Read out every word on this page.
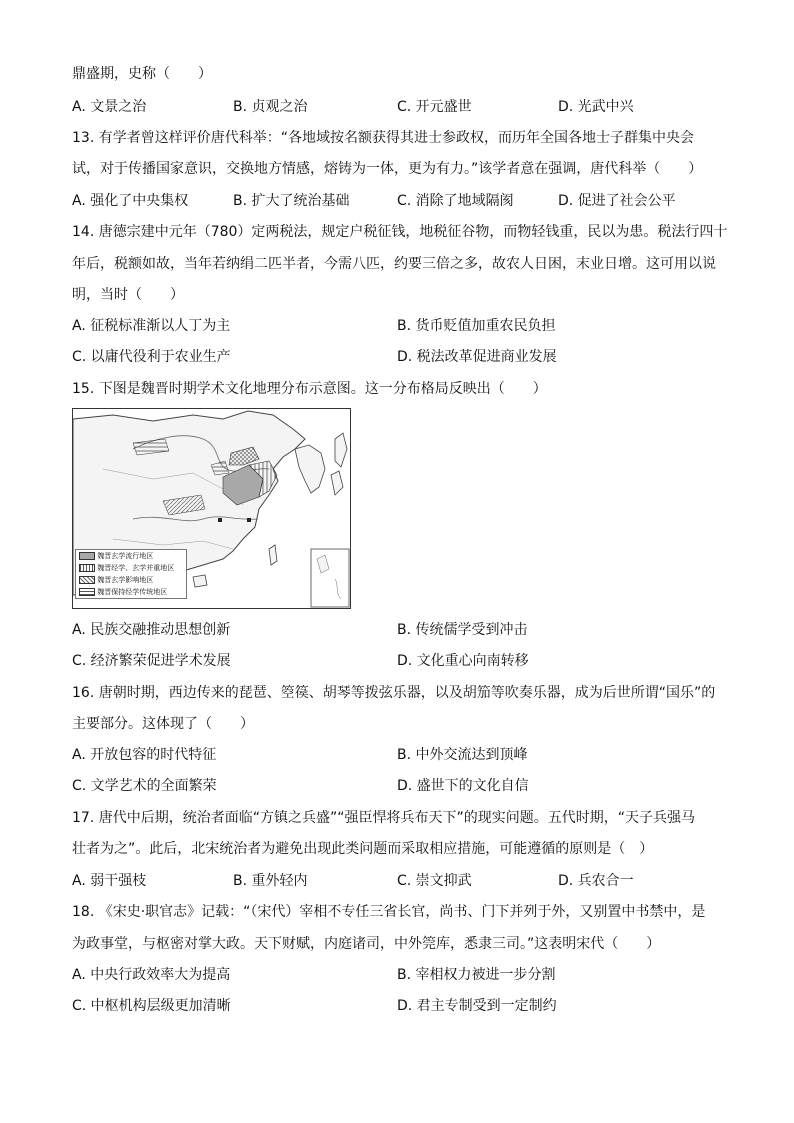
鼎盛期，史称（　　）
A. 文景之治	B. 贞观之治	C. 开元盛世	D. 光武中兴
13. 有学者曾这样评价唐代科举：“各地域按名额获得其进士参政权，而历年全国各地士子群集中央会
试，对于传播国家意识，交换地方情感，熔铸为一体，更为有力。”该学者意在强调，唐代科举（　　）
A. 强化了中央集权	B. 扩大了统治基础	C. 消除了地域隔阂	D. 促进了社会公平
14. 唐德宗建中元年（780）定两税法，规定户税征钱，地税征谷物，而物轻钱重，民以为患。税法行四十
年后，税额如故，当年若纳绢二匹半者，今需八匹，约要三倍之多，故农人日困，末业日增。这可用以说
明，当时（　　）
A. 征税标准渐以人丁为主	B. 货币贬值加重农民负担
C. 以庸代役利于农业生产	D. 税法改革促进商业发展
15. 下图是魏晋时期学术文化地理分布示意图。这一分布格局反映出（　　）
魏晋玄学流行地区
魏晋经学、玄学并重地区
魏晋玄学影响地区
魏晋保持经学传统地区
A. 民族交融推动思想创新	B. 传统儒学受到冲击
C. 经济繁荣促进学术发展	D. 文化重心向南转移
16. 唐朝时期，西边传来的琵琶、箜篌、胡琴等拨弦乐器，以及胡笳等吹奏乐器，成为后世所谓“国乐”的
主要部分。这体现了（　　）
A. 开放包容的时代特征	B. 中外交流达到顶峰
C. 文学艺术的全面繁荣	D. 盛世下的文化自信
17. 唐代中后期，统治者面临“方镇之兵盛”“强臣悍将兵布天下”的现实问题。五代时期，“天子兵强马
壮者为之”。此后，北宋统治者为避免出现此类问题而采取相应措施，可能遵循的原则是（　）
A. 弱干强枝	B. 重外轻内	C. 崇文抑武	D. 兵农合一
18. 《宋史·职官志》记载：“（宋代）宰相不专任三省长官，尚书、门下并列于外，又别置中书禁中，是
为政事堂，与枢密对掌大政。天下财赋，内庭诸司，中外筦库，悉隶三司。”这表明宋代（　　）
A. 中央行政效率大为提高	B. 宰相权力被进一步分割
C. 中枢机构层级更加清晰	D. 君主专制受到一定制约
